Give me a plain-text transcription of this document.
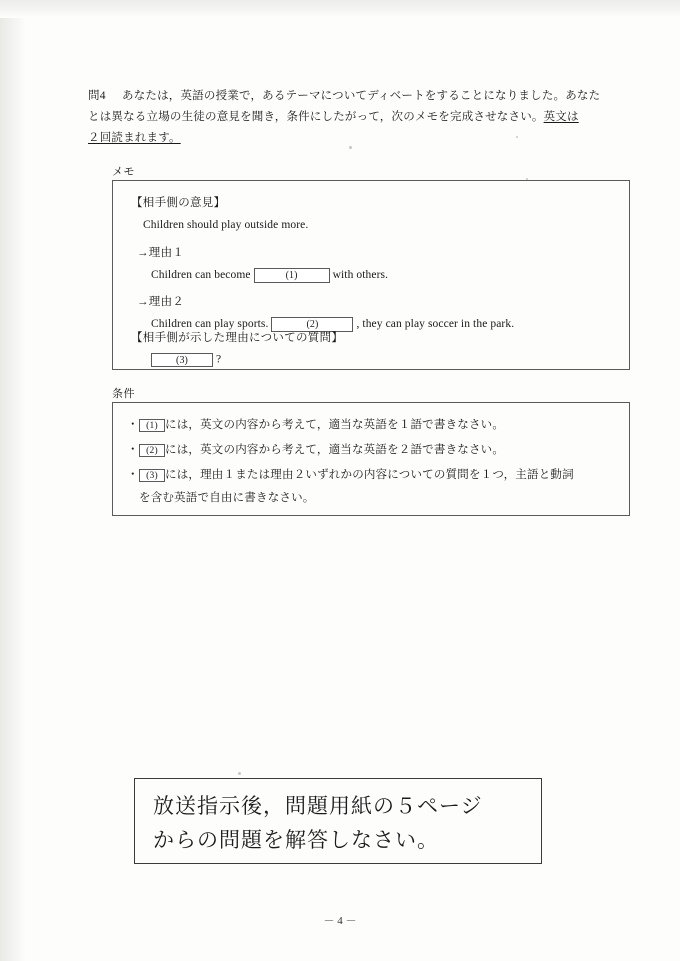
問4 あなたは，英語の授業で，あるテーマについてディベートをすることになりました。あなた
とは異なる立場の生徒の意見を聞き，条件にしたがって，次のメモを完成させなさい。英文は
２回読まれます。
メモ
【相手側の意見】
Children should play outside more.
→理由１
Children can become	(1)	with others.
→理由２
Children can play sports.	(2)	, they can play soccer in the park.
【相手側が示した理由についての質問】
(3) ?
条件
・ (1) には，英文の内容から考えて，適当な英語を１語で書きなさい。
・ (2) には，英文の内容から考えて，適当な英語を２語で書きなさい。
・ (3) には，理由１または理由２いずれかの内容についての質問を１つ，主語と動詞
を含む英語で自由に書きなさい。
放送指示後，問題用紙の５ページ
からの問題を解答しなさい。
－ 4 －
